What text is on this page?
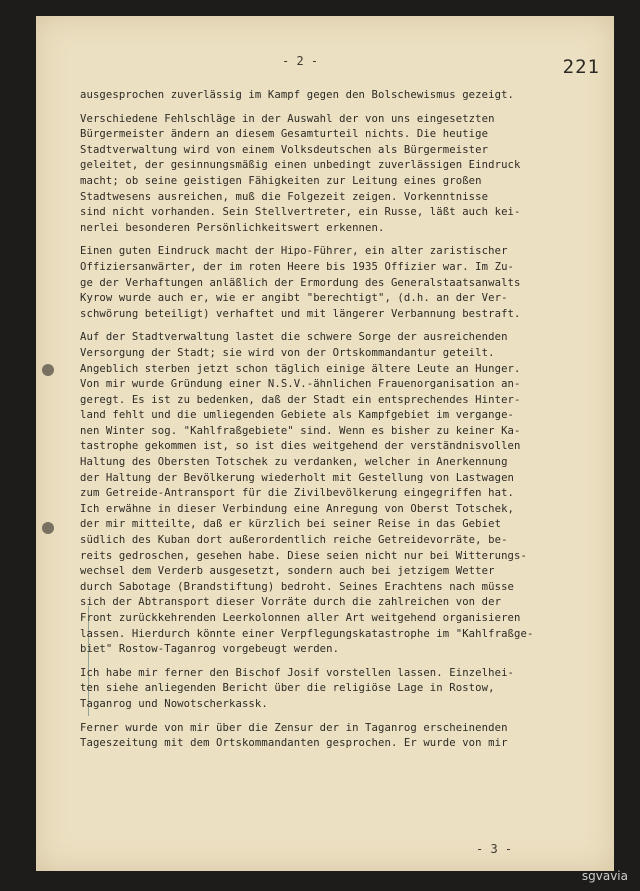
- 2 -	221
ausgesprochen zuverlässig im Kampf gegen den Bolschewismus gezeigt.
Verschiedene Fehlschläge in der Auswahl der von uns eingesetzten
Bürgermeister ändern an diesem Gesamturteil nichts. Die heutige
Stadtverwaltung wird von einem Volksdeutschen als Bürgermeister
geleitet, der gesinnungsmäßig einen unbedingt zuverlässigen Eindruck
macht; ob seine geistigen Fähigkeiten zur Leitung eines großen
Stadtwesens ausreichen, muß die Folgezeit zeigen. Vorkenntnisse
sind nicht vorhanden. Sein Stellvertreter, ein Russe, läßt auch kei-
nerlei besonderen Persönlichkeitswert erkennen.
Einen guten Eindruck macht der Hipo-Führer, ein alter zaristischer
Offiziersanwärter, der im roten Heere bis 1935 Offizier war. Im Zu-
ge der Verhaftungen anläßlich der Ermordung des Generalstaatsanwalts
Kyrow wurde auch er, wie er angibt "berechtigt", (d.h. an der Ver-
schwörung beteiligt) verhaftet und mit längerer Verbannung bestraft.
Auf der Stadtverwaltung lastet die schwere Sorge der ausreichenden
Versorgung der Stadt; sie wird von der Ortskommandantur geteilt.
Angeblich sterben jetzt schon täglich einige ältere Leute an Hunger.
Von mir wurde Gründung einer N.S.V.-ähnlichen Frauenorganisation an-
geregt. Es ist zu bedenken, daß der Stadt ein entsprechendes Hinter-
land fehlt und die umliegenden Gebiete als Kampfgebiet im vergange-
nen Winter sog. "Kahlfraßgebiete" sind. Wenn es bisher zu keiner Ka-
tastrophe gekommen ist, so ist dies weitgehend der verständnisvollen
Haltung des Obersten Totschek zu verdanken, welcher in Anerkennung
der Haltung der Bevölkerung wiederholt mit Gestellung von Lastwagen
zum Getreide-Antransport für die Zivilbevölkerung eingegriffen hat.
Ich erwähne in dieser Verbindung eine Anregung von Oberst Totschek,
der mir mitteilte, daß er kürzlich bei seiner Reise in das Gebiet
südlich des Kuban dort außerordentlich reiche Getreidevorräte, be-
reits gedroschen, gesehen habe. Diese seien nicht nur bei Witterungs-
wechsel dem Verderb ausgesetzt, sondern auch bei jetzigem Wetter
durch Sabotage (Brandstiftung) bedroht. Seines Erachtens nach müsse
sich der Abtransport dieser Vorräte durch die zahlreichen von der
Front zurückkehrenden Leerkolonnen aller Art weitgehend organisieren
lassen. Hierdurch könnte einer Verpflegungskatastrophe im "Kahlfraßge-
biet" Rostow-Taganrog vorgebeugt werden.
Ich habe mir ferner den Bischof Josif vorstellen lassen. Einzelhei-
ten siehe anliegenden Bericht über die religiöse Lage in Rostow,
Taganrog und Nowotscherkassk.
Ferner wurde von mir über die Zensur der in Taganrog erscheinenden
Tageszeitung mit dem Ortskommandanten gesprochen. Er wurde von mir
- 3 -
sgvavia
